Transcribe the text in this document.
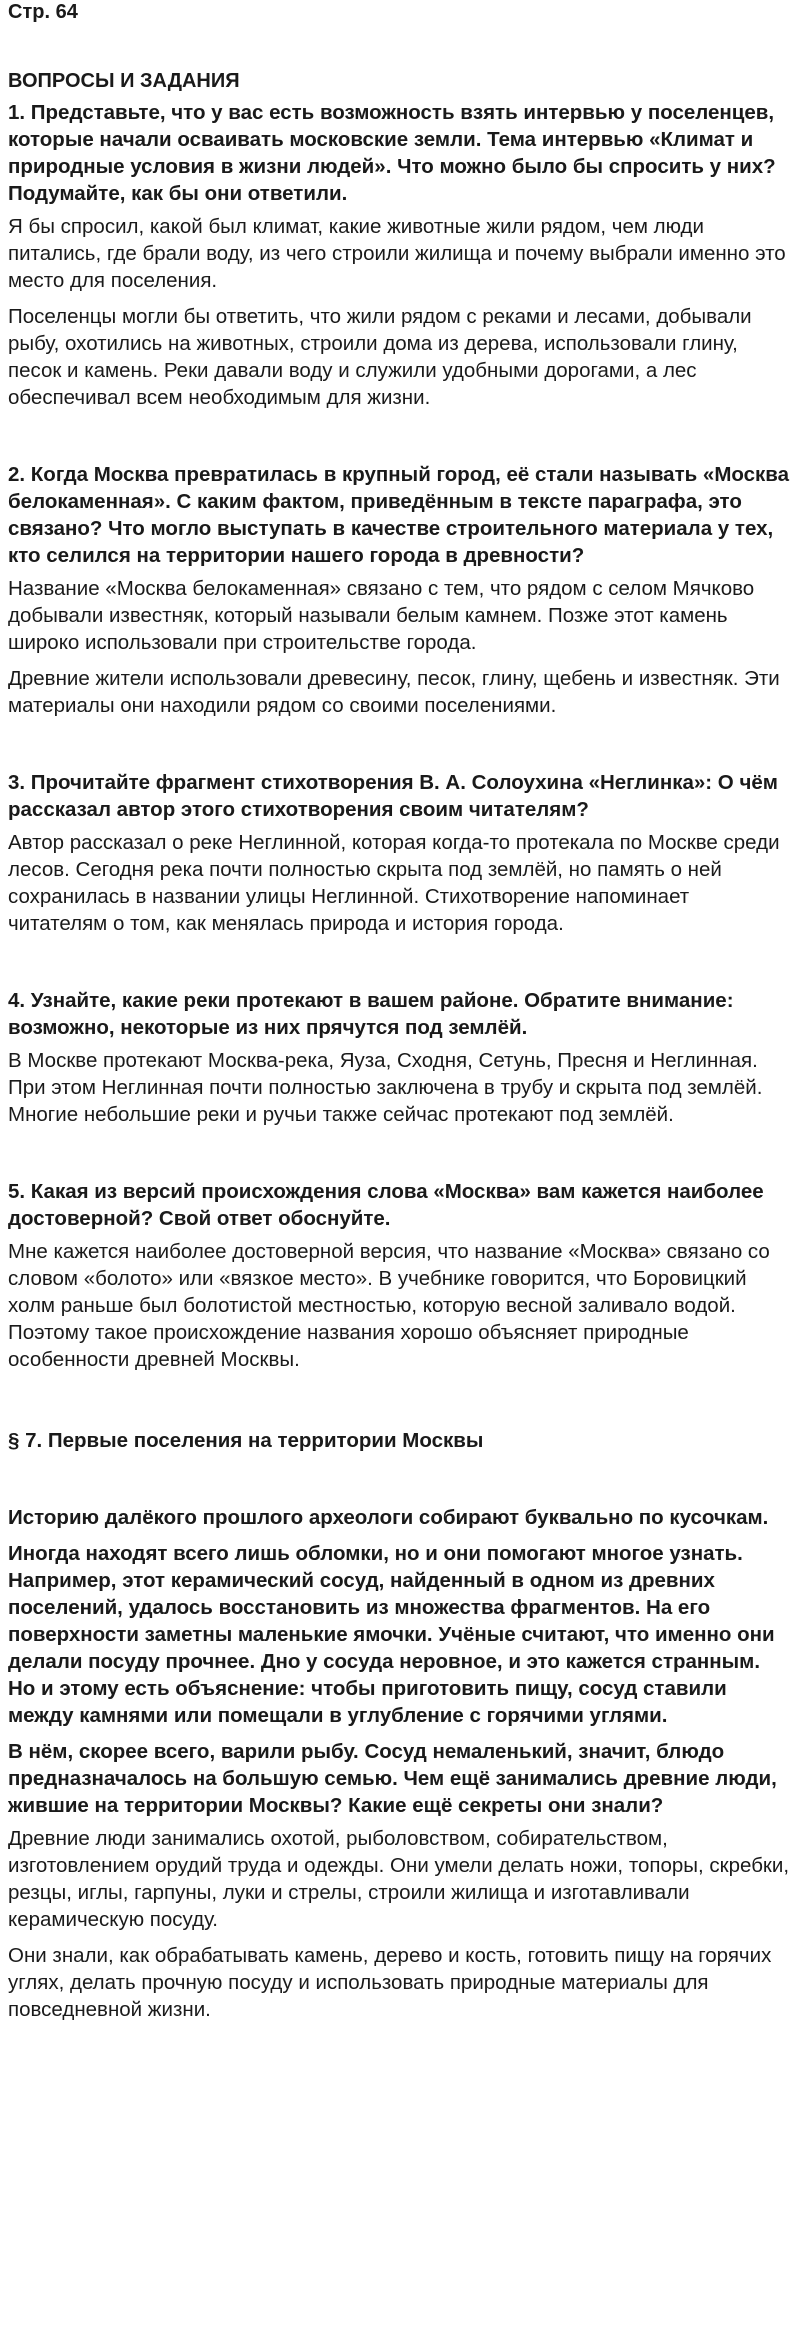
Стр. 64

ВОПРОСЫ И ЗАДАНИЯ

1. Представьте, что у вас есть возможность взять интервью у поселенцев, которые начали осваивать московские земли. Тема интервью «Климат и природные условия в жизни людей». Что можно было бы спросить у них? Подумайте, как бы они ответили.

Я бы спросил, какой был климат, какие животные жили рядом, чем люди питались, где брали воду, из чего строили жилища и почему выбрали именно это место для поселения.

Поселенцы могли бы ответить, что жили рядом с реками и лесами, добывали рыбу, охотились на животных, строили дома из дерева, использовали глину, песок и камень. Реки давали воду и служили удобными дорогами, а лес обеспечивал всем необходимым для жизни.

2. Когда Москва превратилась в крупный город, её стали называть «Москва белокаменная». С каким фактом, приведённым в тексте параграфа, это связано? Что могло выступать в качестве строительного материала у тех, кто селился на территории нашего города в древности?

Название «Москва белокаменная» связано с тем, что рядом с селом Мячково добывали известняк, который называли белым камнем. Позже этот камень широко использовали при строительстве города.

Древние жители использовали древесину, песок, глину, щебень и известняк. Эти материалы они находили рядом со своими поселениями.

3. Прочитайте фрагмент стихотворения В. А. Солоухина «Неглинка»: О чём рассказал автор этого стихотворения своим читателям?

Автор рассказал о реке Неглинной, которая когда-то протекала по Москве среди лесов. Сегодня река почти полностью скрыта под землёй, но память о ней сохранилась в названии улицы Неглинной. Стихотворение напоминает читателям о том, как менялась природа и история города.

4. Узнайте, какие реки протекают в вашем районе. Обратите внимание: возможно, некоторые из них прячутся под землёй.

В Москве протекают Москва-река, Яуза, Сходня, Сетунь, Пресня и Неглинная. При этом Неглинная почти полностью заключена в трубу и скрыта под землёй. Многие небольшие реки и ручьи также сейчас протекают под землёй.

5. Какая из версий происхождения слова «Москва» вам кажется наиболее достоверной? Свой ответ обоснуйте.

Мне кажется наиболее достоверной версия, что название «Москва» связано со словом «болото» или «вязкое место». В учебнике говорится, что Боровицкий холм раньше был болотистой местностью, которую весной заливало водой. Поэтому такое происхождение названия хорошо объясняет природные особенности древней Москвы.

§ 7. Первые поселения на территории Москвы

Историю далёкого прошлого археологи собирают буквально по кусочкам.

Иногда находят всего лишь обломки, но и они помогают многое узнать. Например, этот керамический сосуд, найденный в одном из древних поселений, удалось восстановить из множества фрагментов. На его поверхности заметны маленькие ямочки. Учёные считают, что именно они делали посуду прочнее. Дно у сосуда неровное, и это кажется странным. Но и этому есть объяснение: чтобы приготовить пищу, сосуд ставили между камнями или помещали в углубление с горячими углями.

В нём, скорее всего, варили рыбу. Сосуд немаленький, значит, блюдо предназначалось на большую семью. Чем ещё занимались древние люди, жившие на территории Москвы? Какие ещё секреты они знали?

Древние люди занимались охотой, рыболовством, собирательством, изготовлением орудий труда и одежды. Они умели делать ножи, топоры, скребки, резцы, иглы, гарпуны, луки и стрелы, строили жилища и изготавливали керамическую посуду.

Они знали, как обрабатывать камень, дерево и кость, готовить пищу на горячих углях, делать прочную посуду и использовать природные материалы для повседневной жизни.
